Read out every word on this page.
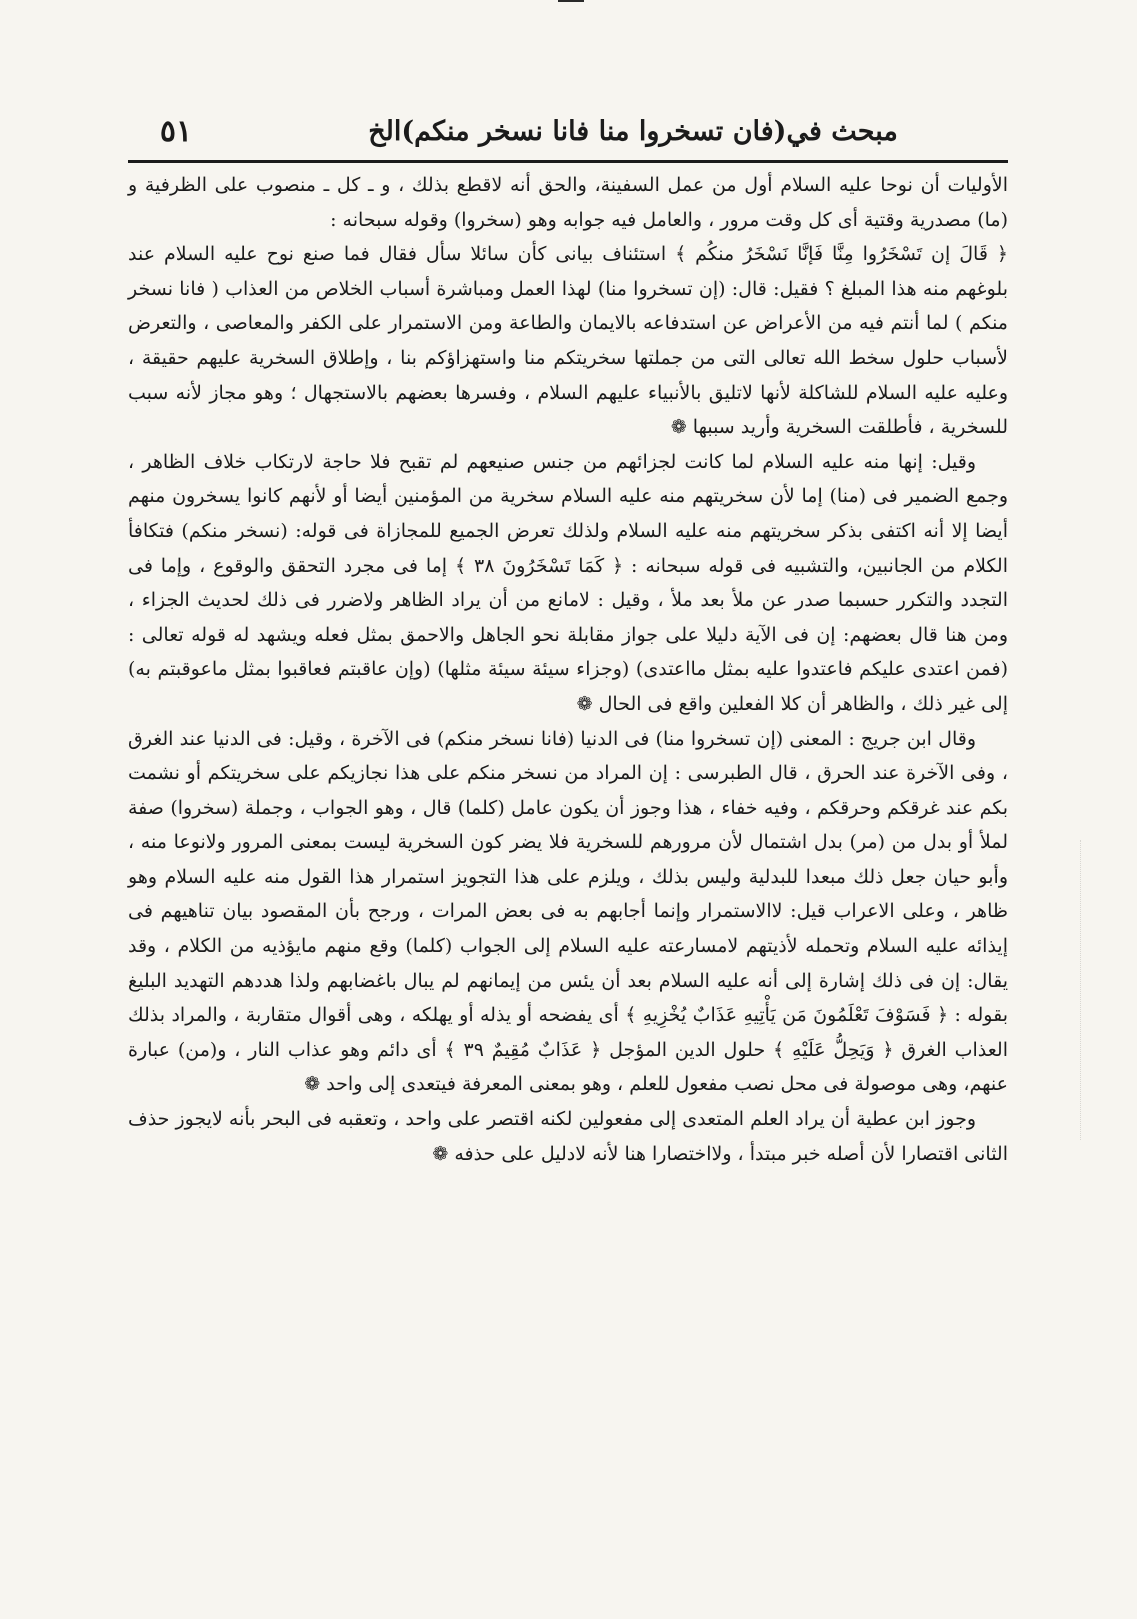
مبحث في(فان تسخروا منا فانا نسخر منكم)الخ
٥١

الأوليات أن نوحا عليه السلام أول من عمل السفينة، والحق أنه لاقطع بذلك ، و ـ كل ـ منصوب على الظرفية و (ما) مصدرية وقتية أى كل وقت مرور ، والعامل فيه جوابه وهو (سخروا) وقوله سبحانه :

﴿ قَالَ إن تَسْخَرُوا مِنَّا فَإنَّا نَسْخَرُ منكُم ﴾ استئناف بيانى كأن سائلا سأل فقال فما صنع نوح عليه السلام عند بلوغهم منه هذا المبلغ ؟ فقيل: قال: (إن تسخروا منا) لهذا العمل ومباشرة أسباب الخلاص من العذاب ( فانا نسخر منكم ) لما أنتم فيه من الأعراض عن استدفاعه بالايمان والطاعة ومن الاستمرار على الكفر والمعاصى ، والتعرض لأسباب حلول سخط الله تعالى التى من جملتها سخريتكم منا واستهزاؤكم بنا ، وإطلاق السخرية عليهم حقيقة ، وعليه عليه السلام للشاكلة لأنها لاتليق بالأنبياء عليهم السلام ، وفسرها بعضهم بالاستجهال ؛ وهو مجاز لأنه سبب للسخرية ، فأطلقت السخرية وأريد سببها ❁

وقيل: إنها منه عليه السلام لما كانت لجزائهم من جنس صنيعهم لم تقبح فلا حاجة لارتكاب خلاف الظاهر ، وجمع الضمير فى (منا) إما لأن سخريتهم منه عليه السلام سخرية من المؤمنين أيضا أو لأنهم كانوا يسخرون منهم أيضا إلا أنه اكتفى بذكر سخريتهم منه عليه السلام ولذلك تعرض الجميع للمجازاة فى قوله: (نسخر منكم) فتكافأ الكلام من الجانبين، والتشبيه فى قوله سبحانه : ﴿ كَمَا تَسْخَرُونَ ٣٨ ﴾ إما فى مجرد التحقق والوقوع ، وإما فى التجدد والتكرر حسبما صدر عن ملأ بعد ملأ ، وقيل : لامانع من أن يراد الظاهر ولاضرر فى ذلك لحديث الجزاء ، ومن هنا قال بعضهم: إن فى الآية دليلا على جواز مقابلة نحو الجاهل والاحمق بمثل فعله ويشهد له قوله تعالى : (فمن اعتدى عليكم فاعتدوا عليه بمثل مااعتدى) (وجزاء سيئة سيئة مثلها) (وإن عاقبتم فعاقبوا بمثل ماعوقبتم به) إلى غير ذلك ، والظاهر أن كلا الفعلين واقع فى الحال ❁

وقال ابن جريج : المعنى (إن تسخروا منا) فى الدنيا (فانا نسخر منكم) فى الآخرة ، وقيل: فى الدنيا عند الغرق ، وفى الآخرة عند الحرق ، قال الطبرسى : إن المراد من نسخر منكم على هذا نجازيكم على سخريتكم أو نشمت بكم عند غرقكم وحرقكم ، وفيه خفاء ، هذا وجوز أن يكون عامل (كلما) قال ، وهو الجواب ، وجملة (سخروا) صفة لملأ أو بدل من (مر) بدل اشتمال لأن مرورهم للسخرية فلا يضر كون السخرية ليست بمعنى المرور ولانوعا منه ، وأبو حيان جعل ذلك مبعدا للبدلية وليس بذلك ، ويلزم على هذا التجويز استمرار هذا القول منه عليه السلام وهو ظاهر ، وعلى الاعراب قيل: لاالاستمرار وإنما أجابهم به فى بعض المرات ، ورجح بأن المقصود بيان تناهيهم فى إيذائه عليه السلام وتحمله لأذيتهم لامسارعته عليه السلام إلى الجواب (كلما) وقع منهم مايؤذيه من الكلام ، وقد يقال: إن فى ذلك إشارة إلى أنه عليه السلام بعد أن يئس من إيمانهم لم يبال باغضابهم ولذا هددهم التهديد البليغ بقوله : ﴿ فَسَوْفَ تَعْلَمُونَ مَن يَأْتِيهِ عَذَابٌ يُخْزِيهِ ﴾ أى يفضحه أو يذله أو يهلكه ، وهى أقوال متقاربة ، والمراد بذلك العذاب الغرق ﴿ وَيَحِلُّ عَلَيْهِ ﴾ حلول الدين المؤجل ﴿ عَذَابٌ مُقِيمٌ ٣٩ ﴾ أى دائم وهو عذاب النار ، و(من) عبارة عنهم، وهى موصولة فى محل نصب مفعول للعلم ، وهو بمعنى المعرفة فيتعدى إلى واحد ❁

وجوز ابن عطية أن يراد العلم المتعدى إلى مفعولين لكنه اقتصر على واحد ، وتعقبه فى البحر بأنه لايجوز حذف الثانى اقتصارا لأن أصله خبر مبتدأ ، ولااختصارا هنا لأنه لادليل على حذفه ❁
